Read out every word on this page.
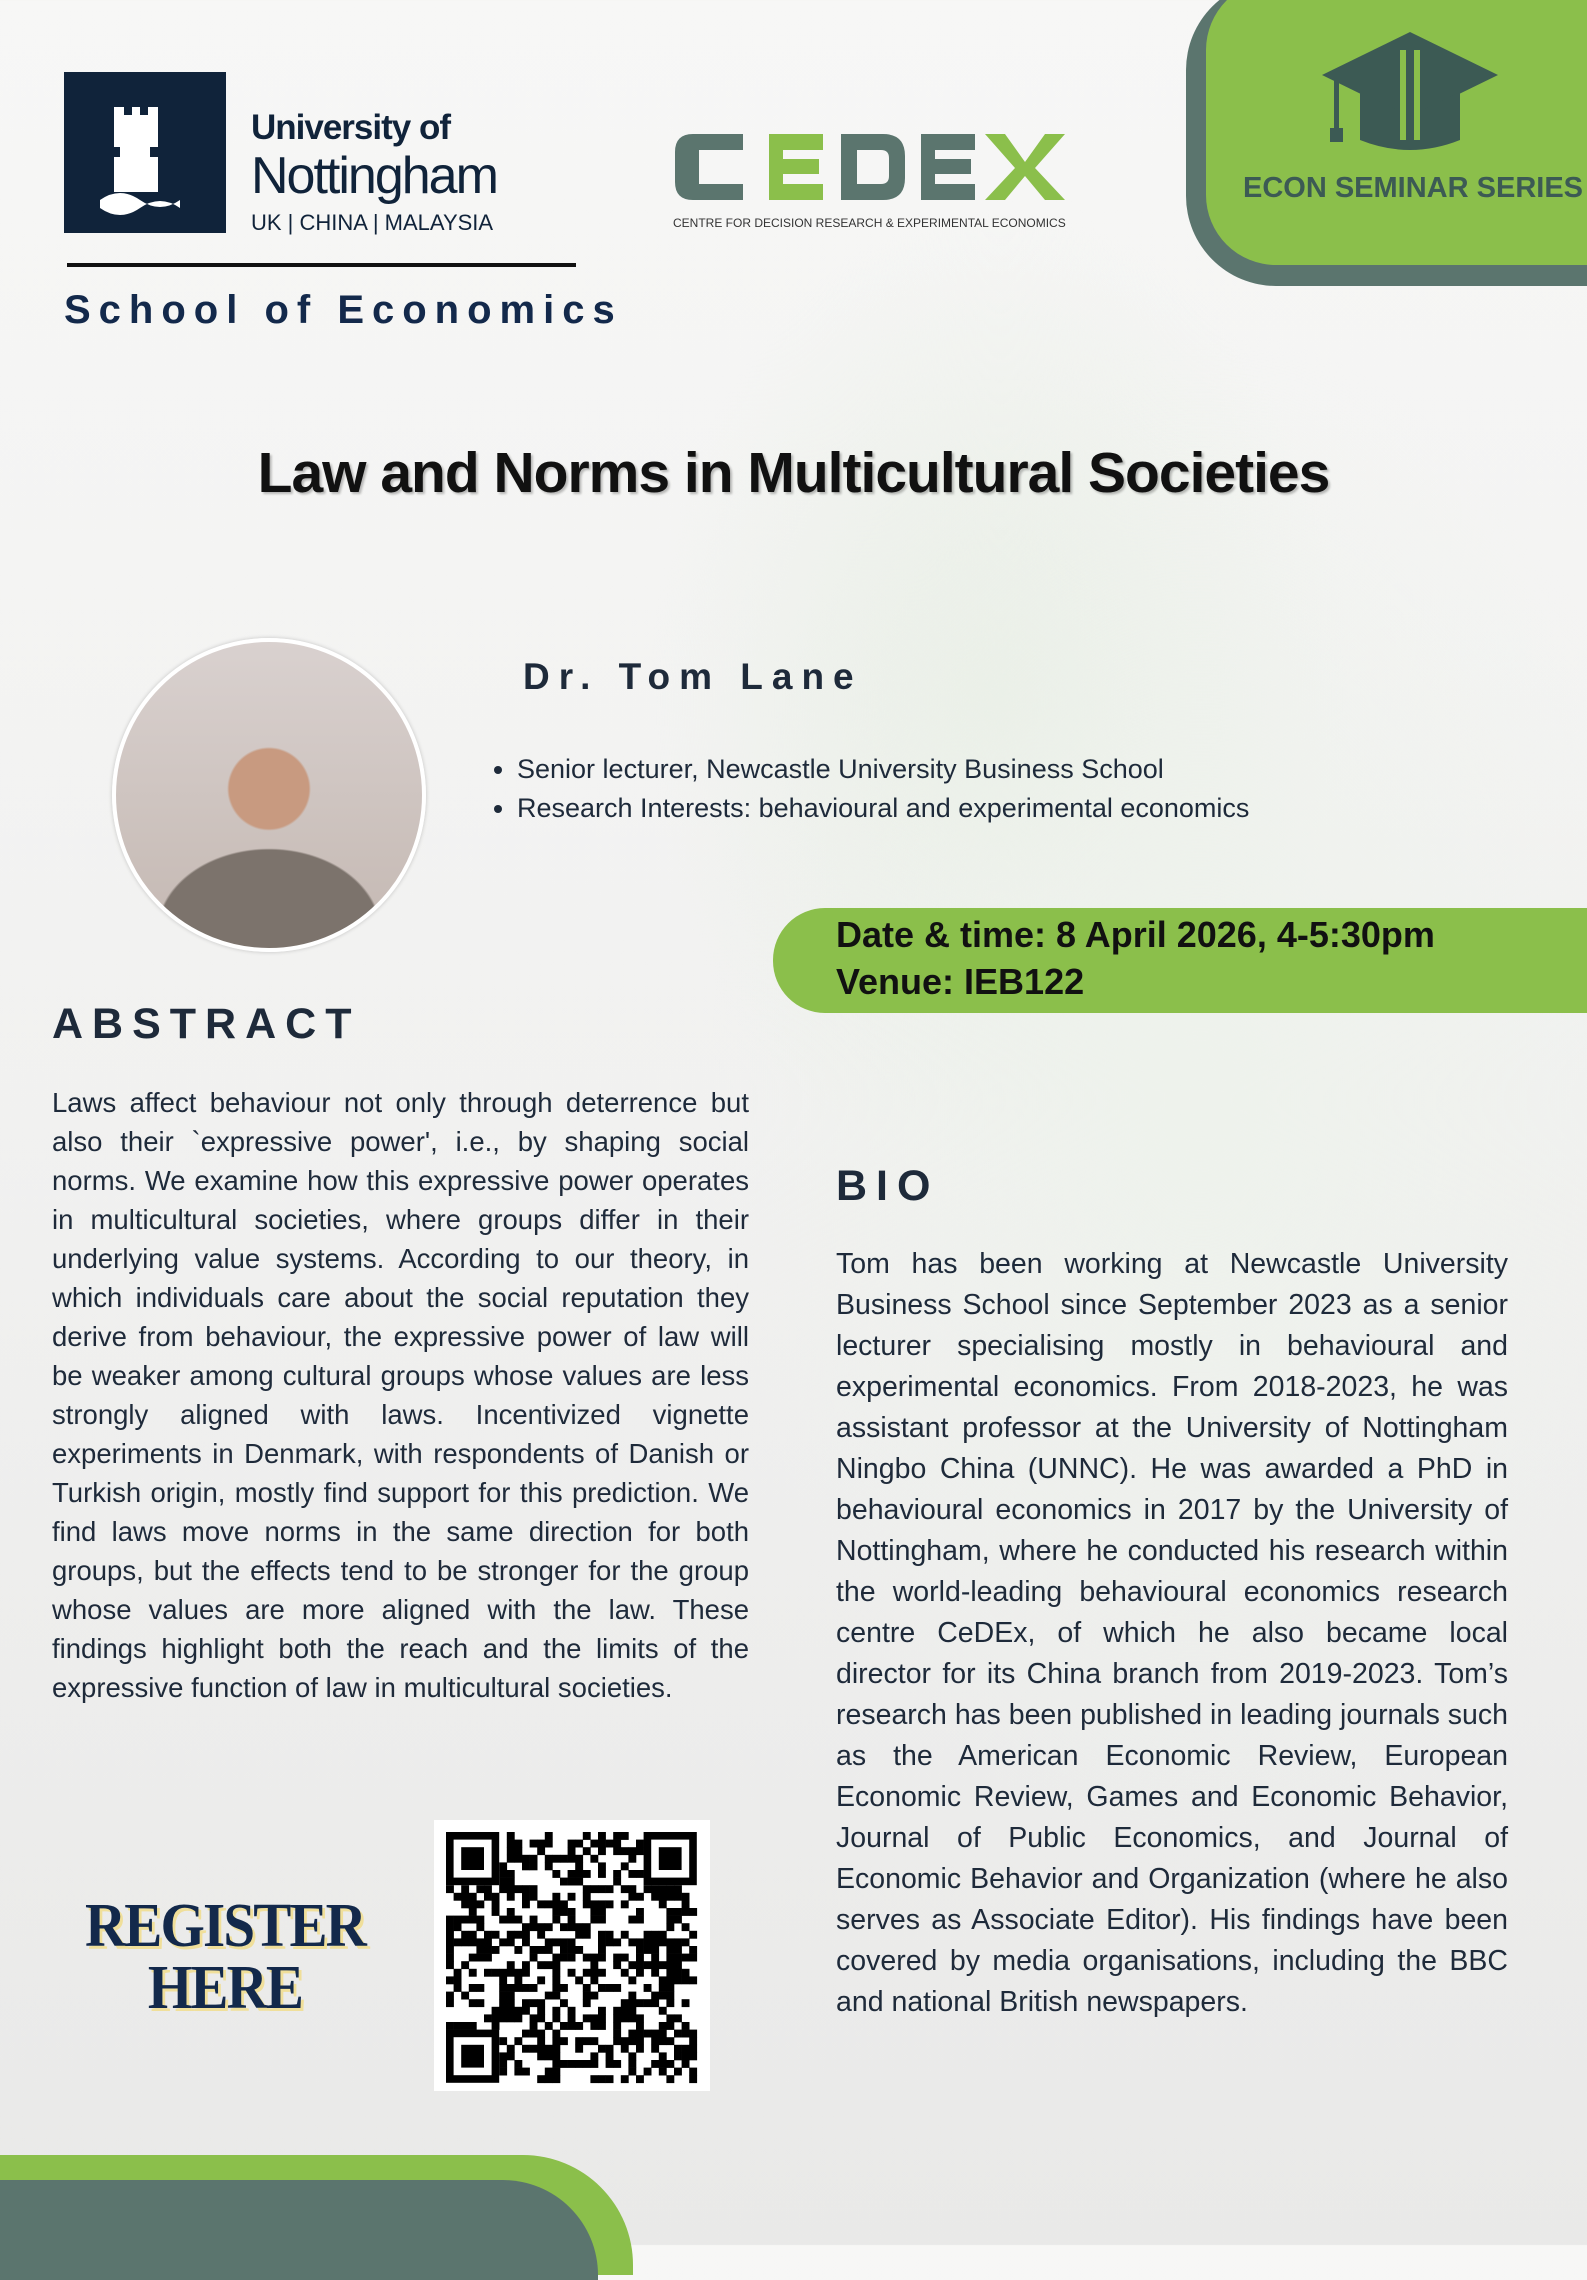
University of
Nottingham
UK | CHINA | MALAYSIA
School of Economics
CENTRE FOR DECISION RESEARCH & EXPERIMENTAL ECONOMICS
ECON SEMINAR SERIES
Law and Norms in Multicultural Societies
Dr. Tom Lane
• Senior lecturer, Newcastle University Business School
• Research Interests: behavioural and experimental economics
Date & time: 8 April 2026, 4-5:30pm
Venue: IEB122
ABSTRACT
Laws affect behaviour not only through deterrence but also their `expressive power', i.e., by shaping social norms. We examine how this expressive power operates in multicultural societies, where groups differ in their underlying value systems. According to our theory, in which individuals care about the social reputation they derive from behaviour, the expressive power of law will be weaker among cultural groups whose values are less strongly aligned with laws. Incentivized vignette experiments in Denmark, with respondents of Danish or Turkish origin, mostly find support for this prediction. We find laws move norms in the same direction for both groups, but the effects tend to be stronger for the group whose values are more aligned with the law. These findings highlight both the reach and the limits of the expressive function of law in multicultural societies.
BIO
Tom has been working at Newcastle University Business School since September 2023 as a senior lecturer specialising mostly in behavioural and experimental economics. From 2018-2023, he was assistant professor at the University of Nottingham Ningbo China (UNNC). He was awarded a PhD in behavioural economics in 2017 by the University of Nottingham, where he conducted his research within the world-leading behavioural economics research centre CeDEx, of which he also became local director for its China branch from 2019-2023. Tom’s research has been published in leading journals such as the American Economic Review, European Economic Review, Games and Economic Behavior, Journal of Public Economics, and Journal of Economic Behavior and Organization (where he also serves as Associate Editor). His findings have been covered by media organisations, including the BBC and national British newspapers.
REGISTER
HERE
